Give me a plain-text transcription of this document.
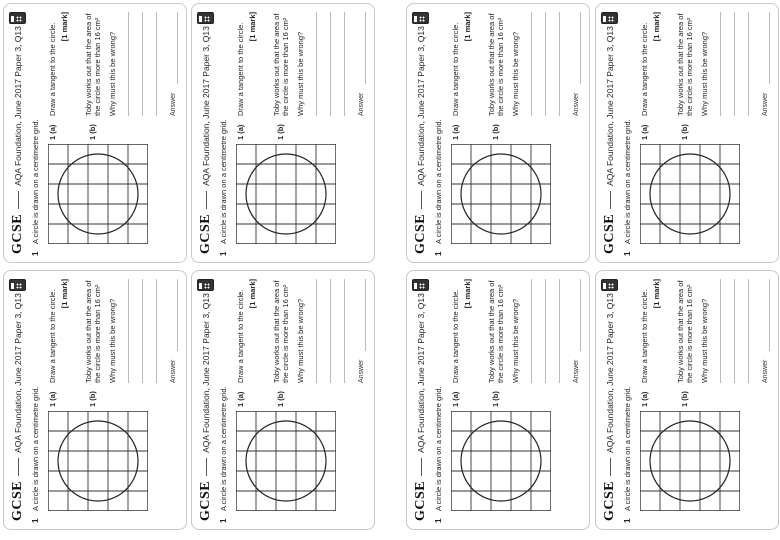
GCSE
AQA Foundation, June 2017 Paper 3, Q13
1
A circle is drawn on a centimetre grid. 1 (a)
Draw a tangent to the circle. [1 mark]
1 (b)
Toby works out that the area of the circle is more than 16 cm² Why must this be wrong?	Answer
GCSE
AQA Foundation, June 2017 Paper 3, Q13
1
A circle is drawn on a centimetre grid. 1 (a)
Draw a tangent to the circle. [1 mark]
1 (b)
Toby works out that the area of the circle is more than 16 cm² Why must this be wrong?	Answer
GCSE
AQA Foundation, June 2017 Paper 3, Q13
1
A circle is drawn on a centimetre grid. 1 (a)
Draw a tangent to the circle. [1 mark]
1 (b)
Toby works out that the area of the circle is more than 16 cm² Why must this be wrong?	Answer
GCSE
AQA Foundation, June 2017 Paper 3, Q13
1
A circle is drawn on a centimetre grid. 1 (a)
Draw a tangent to the circle. [1 mark]
1 (b)
Toby works out that the area of the circle is more than 16 cm² Why must this be wrong?	Answer
GCSE
AQA Foundation, June 2017 Paper 3, Q13
1
A circle is drawn on a centimetre grid. 1 (a)
Draw a tangent to the circle. [1 mark]
1 (b)
Toby works out that the area of the circle is more than 16 cm² Why must this be wrong?	Answer
GCSE
AQA Foundation, June 2017 Paper 3, Q13
1
A circle is drawn on a centimetre grid. 1 (a)
Draw a tangent to the circle. [1 mark]
1 (b)
Toby works out that the area of the circle is more than 16 cm² Why must this be wrong?	Answer
GCSE
AQA Foundation, June 2017 Paper 3, Q13
1
A circle is drawn on a centimetre grid. 1 (a)
Draw a tangent to the circle. [1 mark]
1 (b)
Toby works out that the area of the circle is more than 16 cm² Why must this be wrong?	Answer
GCSE
AQA Foundation, June 2017 Paper 3, Q13
1
A circle is drawn on a centimetre grid. 1 (a)
Draw a tangent to the circle. [1 mark]
1 (b)
Toby works out that the area of the circle is more than 16 cm² Why must this be wrong?	Answer
